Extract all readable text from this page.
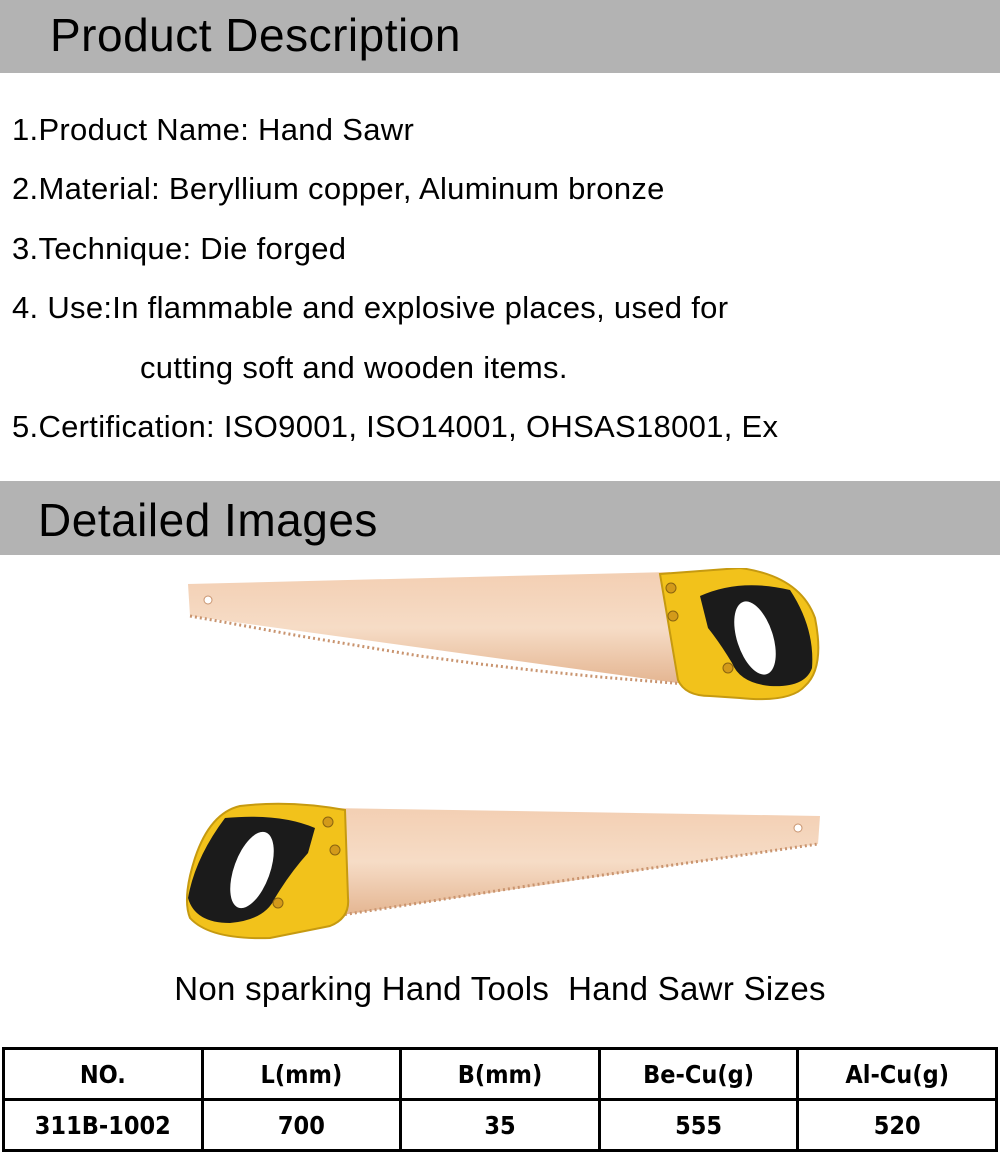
Product Description
1.Product Name: Hand Sawr
2.Material: Beryllium copper, Aluminum bronze
3.Technique: Die forged
4. Use:In flammable and explosive places, used for
cutting soft and wooden items.
5.Certification: ISO9001, ISO14001, OHSAS18001, Ex
Detailed Images
Non sparking Hand Tools  Hand Sawr Sizes
NO.	L(mm)	B(mm)	Be-Cu(g)	Al-Cu(g)
311B-1002	700	35	555	520
